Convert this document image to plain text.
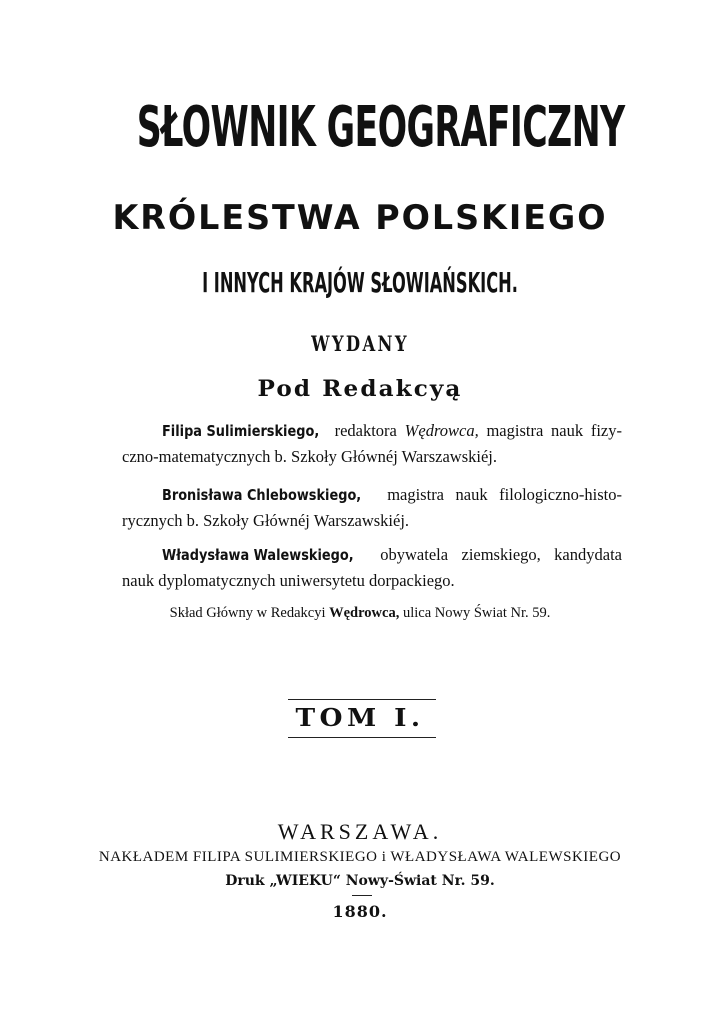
SŁOWNIK GEOGRAFICZNY
KRÓLESTWA POLSKIEGO
I INNYCH KRAJÓW SŁOWIAŃSKICH.
WYDANY
Pod Redakcyą
Filipa Sulimierskiego, redaktora Wędrowca, magistra nauk fizy-czno-matematycznych b. Szkoły Głównéj Warszawskiéj.
Bronisława Chlebowskiego, magistra nauk filologiczno-histo-rycznych b. Szkoły Głównéj Warszawskiéj.
Władysława Walewskiego, obywatela ziemskiego, kandydata nauk dyplomatycznych uniwersytetu dorpackiego.
Skład Główny w Redakcyi Wędrowca, ulica Nowy Świat Nr. 59.
TOM I.
WARSZAWA.
NAKŁADEM FILIPA SULIMIERSKIEGO i WŁADYSŁAWA WALEWSKIEGO
Druk „WIEKU“ Nowy-Świat Nr. 59.
1880.
